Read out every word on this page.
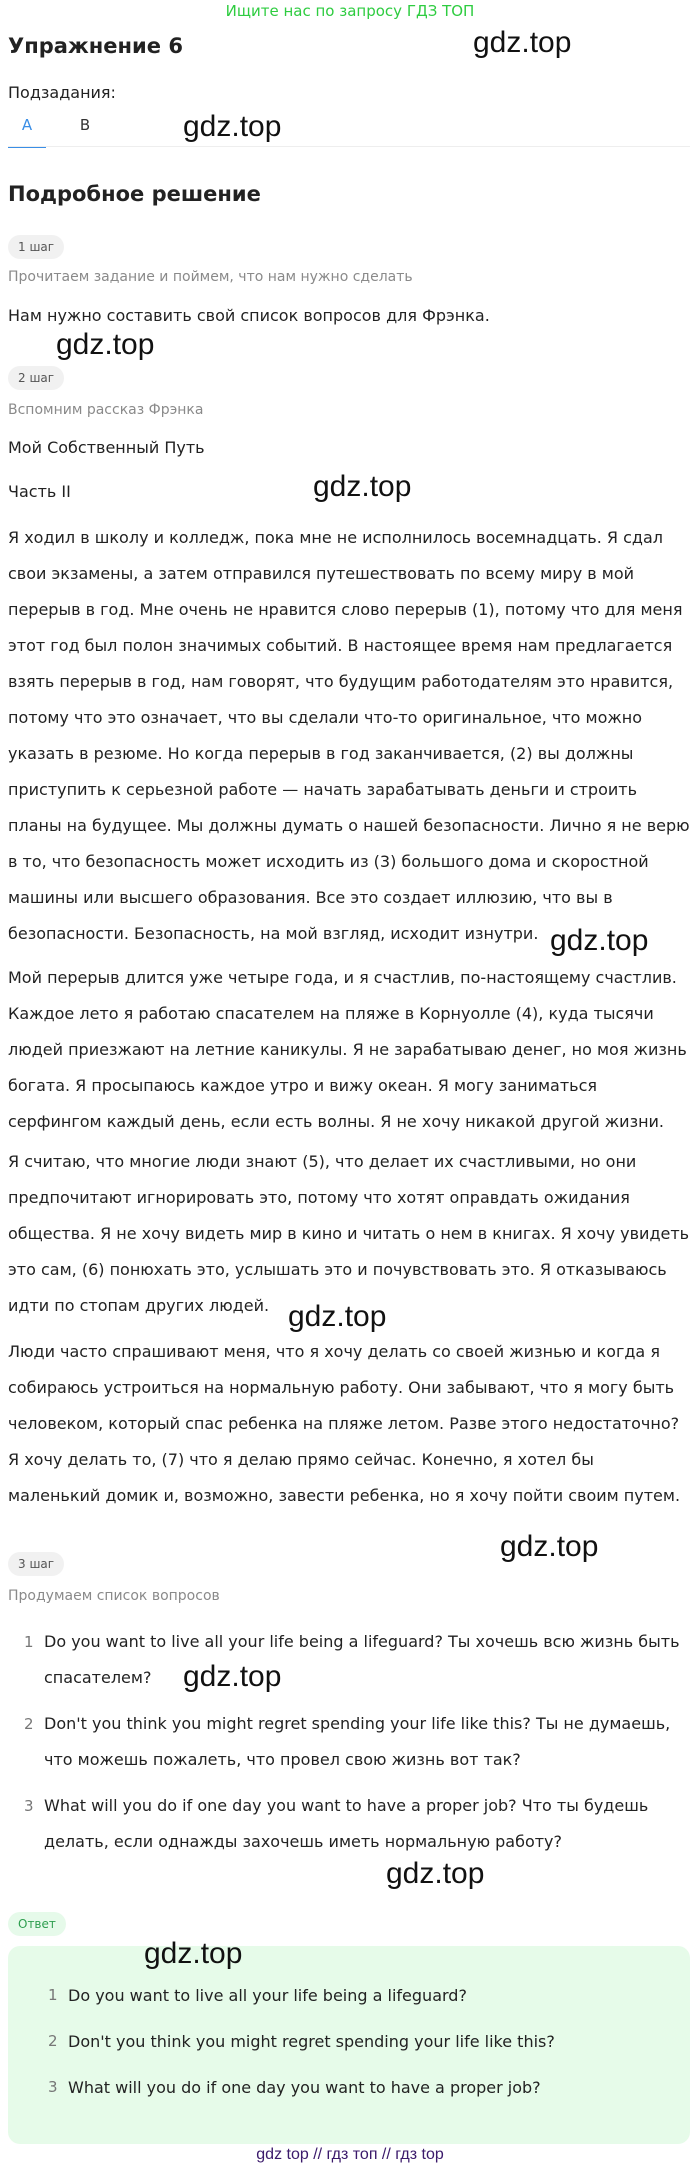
Ищите нас по запросу ГДЗ ТОП
Упражнение 6	gdz.top
Подзадания:
A	B	gdz.top
Подробное решение
1 шаг
Прочитаем задание и поймем, что нам нужно сделать
Нам нужно составить свой список вопросов для Фрэнка.
gdz.top
2 шаг
Вспомним рассказ Фрэнка
Мой Собственный Путь
Часть II	gdz.top
Я ходил в школу и колледж, пока мне не исполнилось восемнадцать. Я сдал свои экзамены, а затем отправился путешествовать по всему миру в мой перерыв в год. Мне очень не нравится слово перерыв (1), потому что для меня этот год был полон значимых событий. В настоящее время нам предлагается взять перерыв в год, нам говорят, что будущим работодателям это нравится, потому что это означает, что вы сделали что-то оригинальное, что можно указать в резюме. Но когда перерыв в год заканчивается, (2) вы должны приступить к серьезной работе — начать зарабатывать деньги и строить планы на будущее. Мы должны думать о нашей безопасности. Лично я не верю в то, что безопасность может исходить из (3) большого дома и скоростной машины или высшего образования. Все это создает иллюзию, что вы в безопасности. Безопасность, на мой взгляд, исходит изнутри. gdz.top
Мой перерыв длится уже четыре года, и я счастлив, по-настоящему счастлив. Каждое лето я работаю спасателем на пляже в Корнуолле (4), куда тысячи людей приезжают на летние каникулы. Я не зарабатываю денег, но моя жизнь богата. Я просыпаюсь каждое утро и вижу океан. Я могу заниматься серфингом каждый день, если есть волны. Я не хочу никакой другой жизни.
Я считаю, что многие люди знают (5), что делает их счастливыми, но они предпочитают игнорировать это, потому что хотят оправдать ожидания общества. Я не хочу видеть мир в кино и читать о нем в книгах. Я хочу увидеть это сам, (6) понюхать это, услышать это и почувствовать это. Я отказываюсь идти по стопам других людей. gdz.top
Люди часто спрашивают меня, что я хочу делать со своей жизнью и когда я собираюсь устроиться на нормальную работу. Они забывают, что я могу быть человеком, который спас ребенка на пляже летом. Разве этого недостаточно? Я хочу делать то, (7) что я делаю прямо сейчас. Конечно, я хотел бы маленький домик и, возможно, завести ребенка, но я хочу пойти своим путем.
gdz.top
3 шаг
Продумаем список вопросов
1 Do you want to live all your life being a lifeguard? Ты хочешь всю жизнь быть спасателем?
2 Don't you think you might regret spending your life like this? Ты не думаешь, что можешь пожалеть, что провел свою жизнь вот так?
3 What will you do if one day you want to have a proper job? Что ты будешь делать, если однажды захочешь иметь нормальную работу?
gdz.top
gdz.top
Ответ
1 Do you want to live all your life being a lifeguard?
2 Don't you think you might regret spending your life like this?
3 What will you do if one day you want to have a proper job?
gdz.top
gdz top // гдз топ // гдз top
